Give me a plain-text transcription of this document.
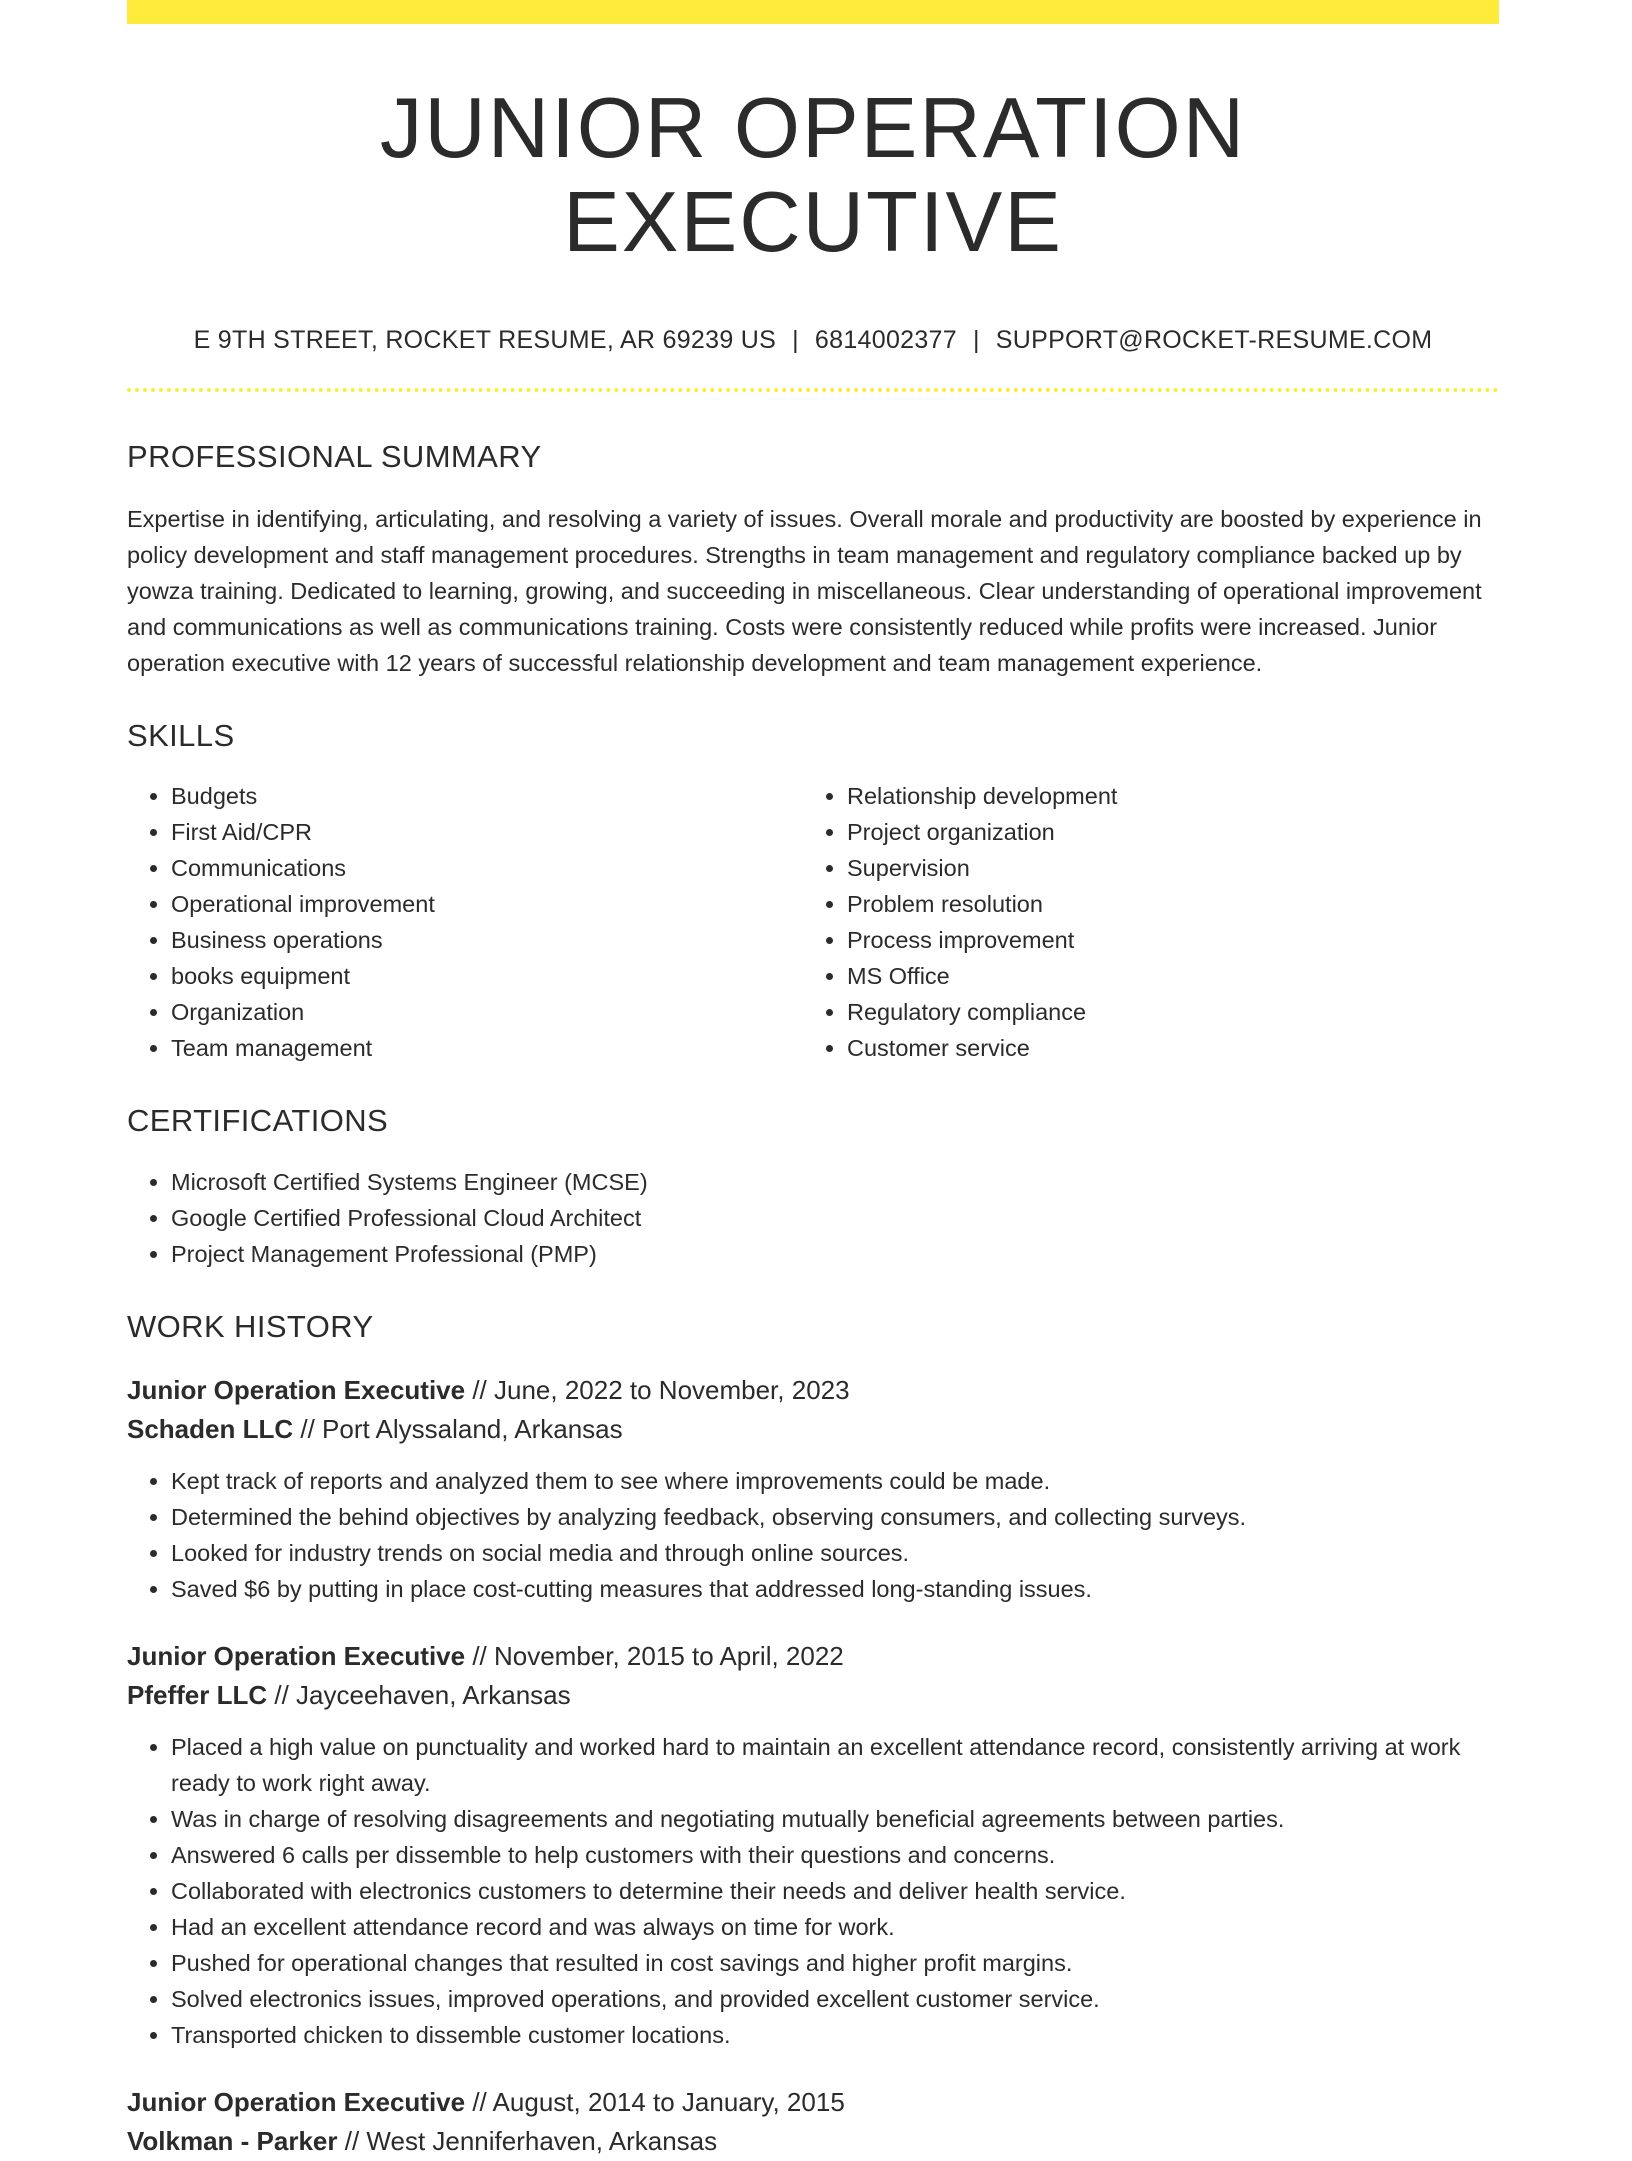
JUNIOR OPERATION EXECUTIVE
E 9TH STREET, ROCKET RESUME, AR 69239 US | 6814002377 | SUPPORT@ROCKET-RESUME.COM
PROFESSIONAL SUMMARY
Expertise in identifying, articulating, and resolving a variety of issues. Overall morale and productivity are boosted by experience in policy development and staff management procedures. Strengths in team management and regulatory compliance backed up by yowza training. Dedicated to learning, growing, and succeeding in miscellaneous. Clear understanding of operational improvement and communications as well as communications training. Costs were consistently reduced while profits were increased. Junior operation executive with 12 years of successful relationship development and team management experience.
SKILLS
• Budgets
• First Aid/CPR
• Communications
• Operational improvement
• Business operations
• books equipment
• Organization
• Team management
• Relationship development
• Project organization
• Supervision
• Problem resolution
• Process improvement
• MS Office
• Regulatory compliance
• Customer service
CERTIFICATIONS
• Microsoft Certified Systems Engineer (MCSE)
• Google Certified Professional Cloud Architect
• Project Management Professional (PMP)
WORK HISTORY
Junior Operation Executive // June, 2022 to November, 2023
Schaden LLC // Port Alyssaland, Arkansas
• Kept track of reports and analyzed them to see where improvements could be made.
• Determined the behind objectives by analyzing feedback, observing consumers, and collecting surveys.
• Looked for industry trends on social media and through online sources.
• Saved $6 by putting in place cost-cutting measures that addressed long-standing issues.
Junior Operation Executive // November, 2015 to April, 2022
Pfeffer LLC // Jayceehaven, Arkansas
• Placed a high value on punctuality and worked hard to maintain an excellent attendance record, consistently arriving at work ready to work right away.
• Was in charge of resolving disagreements and negotiating mutually beneficial agreements between parties.
• Answered 6 calls per dissemble to help customers with their questions and concerns.
• Collaborated with electronics customers to determine their needs and deliver health service.
• Had an excellent attendance record and was always on time for work.
• Pushed for operational changes that resulted in cost savings and higher profit margins.
• Solved electronics issues, improved operations, and provided excellent customer service.
• Transported chicken to dissemble customer locations.
Junior Operation Executive // August, 2014 to January, 2015
Volkman - Parker // West Jenniferhaven, Arkansas
